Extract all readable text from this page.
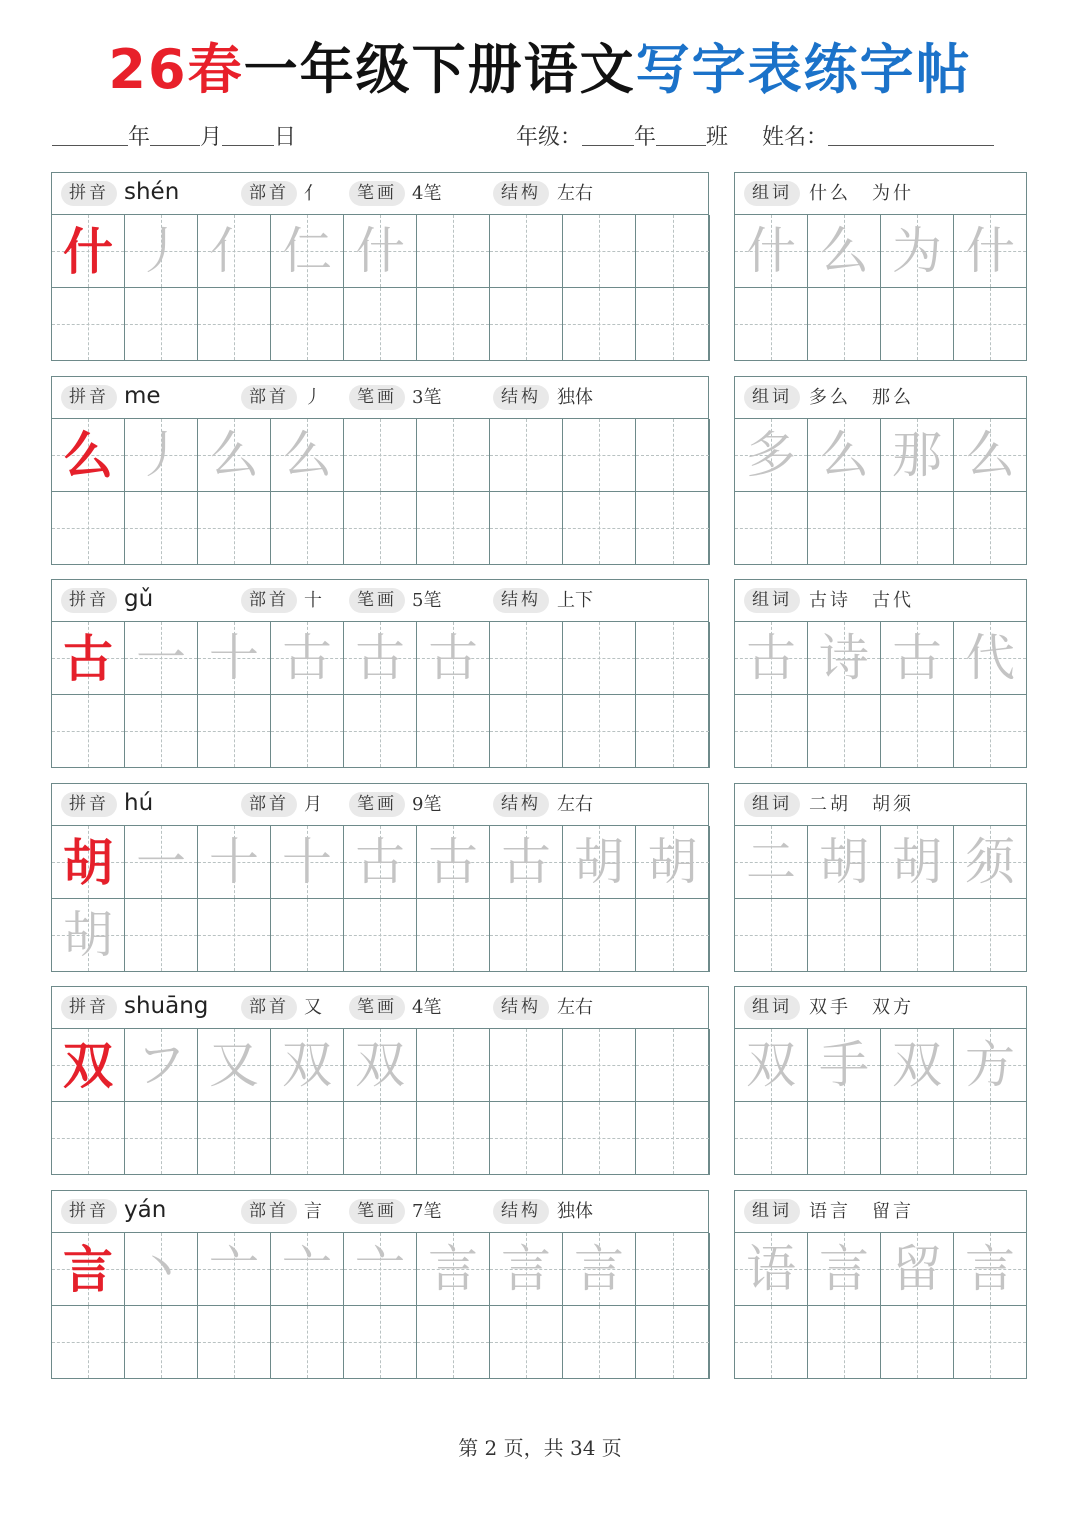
26春一年级下册语文写字表练字帖
年 月 日	年级： 年 班 姓名：
拼音 shén	部首 亻	笔画 4笔	结构 左右
什 丿 亻 仁 什
组词 什么　为什
什 么 为 什
拼音 me	部首 丿	笔画 3笔	结构 独体
么 丿 么 么
组词 多么　那么
多 么 那 么
拼音 gǔ	部首 十	笔画 5笔	结构 上下
古 一 十 古 古 古
组词 古诗　古代
古 诗 古 代
拼音 hú	部首 月	笔画 9笔	结构 左右
胡 一 十 十 古 古 古 胡 胡
胡
组词 二胡　胡须
二 胡 胡 须
拼音 shuāng	部首 又	笔画 4笔	结构 左右
双 フ 又 双 双
组词 双手　双方
双 手 双 方
拼音 yán	部首 言	笔画 7笔	结构 独体
言 丶 亠 亠 亠 言 言 言
组词 语言　留言
语 言 留 言
第 2 页，共 34 页
